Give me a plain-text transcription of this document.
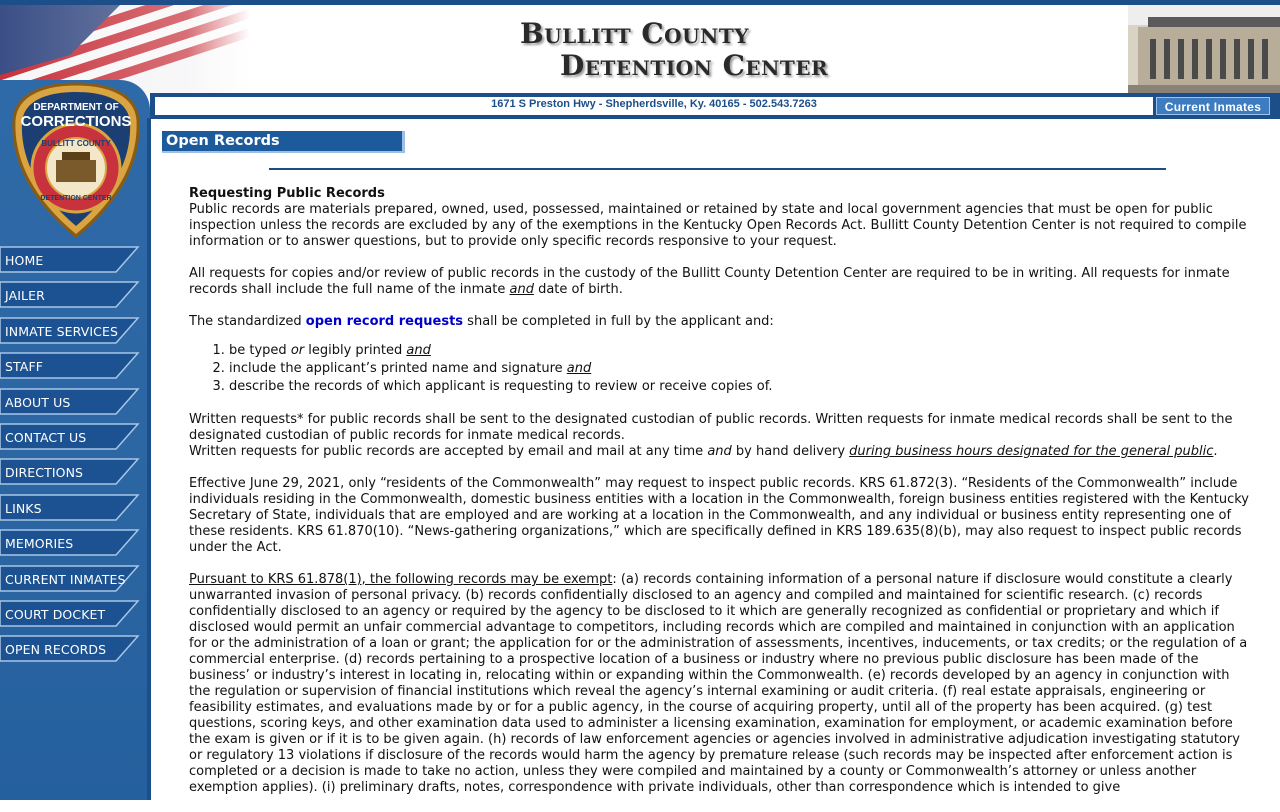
Bullitt County
Detention Center
1671 S Preston Hwy - Shepherdsville, Ky. 40165 - 502.543.7263	Current Inmates
DEPARTMENT OF
CORRECTIONS
BULLITT COUNTY
DETENTION CENTER
HOME
JAILER
INMATE SERVICES
STAFF
ABOUT US
CONTACT US
DIRECTIONS
LINKS
MEMORIES
CURRENT INMATES
COURT DOCKET
OPEN RECORDS
Open Records
Requesting Public Records

Public records are materials prepared, owned, used, possessed, maintained or retained by state and local government agencies that must be open for public inspection unless the records are excluded by any of the exemptions in the Kentucky Open Records Act. Bullitt County Detention Center is not required to compile information or to answer questions, but to provide only specific records responsive to your request.

All requests for copies and/or review of public records in the custody of the Bullitt County Detention Center are required to be in writing. All requests for inmate records shall include the full name of the inmate and date of birth.

The standardized open record requests shall be completed in full by the applicant and:

1. be typed or legibly printed and
2. include the applicant’s printed name and signature and
3. describe the records of which applicant is requesting to review or receive copies of.

Written requests* for public records shall be sent to the designated custodian of public records. Written requests for inmate medical records shall be sent to the designated custodian of public records for inmate medical records.
Written requests for public records are accepted by email and mail at any time and by hand delivery during business hours designated for the general public.

Effective June 29, 2021, only “residents of the Commonwealth” may request to inspect public records. KRS 61.872(3). “Residents of the Commonwealth” include individuals residing in the Commonwealth, domestic business entities with a location in the Commonwealth, foreign business entities registered with the Kentucky Secretary of State, individuals that are employed and are working at a location in the Commonwealth, and any individual or business entity representing one of these residents. KRS 61.870(10). “News-gathering organizations,” which are specifically defined in KRS 189.635(8)(b), may also request to inspect public records under the Act.

Pursuant to KRS 61.878(1), the following records may be exempt: (a) records containing information of a personal nature if disclosure would constitute a clearly unwarranted invasion of personal privacy. (b) records confidentially disclosed to an agency and compiled and maintained for scientific research. (c) records confidentially disclosed to an agency or required by the agency to be disclosed to it which are generally recognized as confidential or proprietary and which if disclosed would permit an unfair commercial advantage to competitors, including records which are compiled and maintained in conjunction with an application for or the administration of a loan or grant; the application for or the administration of assessments, incentives, inducements, or tax credits; or the regulation of a commercial enterprise. (d) records pertaining to a prospective location of a business or industry where no previous public disclosure has been made of the business’ or industry’s interest in locating in, relocating within or expanding within the Commonwealth. (e) records developed by an agency in conjunction with the regulation or supervision of financial institutions which reveal the agency’s internal examining or audit criteria. (f) real estate appraisals, engineering or feasibility estimates, and evaluations made by or for a public agency, in the course of acquiring property, until all of the property has been acquired. (g) test questions, scoring keys, and other examination data used to administer a licensing examination, examination for employment, or academic examination before the exam is given or if it is to be given again. (h) records of law enforcement agencies or agencies involved in administrative adjudication investigating statutory or regulatory 13 violations if disclosure of the records would harm the agency by premature release (such records may be inspected after enforcement action is completed or a decision is made to take no action, unless they were compiled and maintained by a county or Commonwealth’s attorney or unless another exemption applies). (i) preliminary drafts, notes, correspondence with private individuals, other than correspondence which is intended to give
